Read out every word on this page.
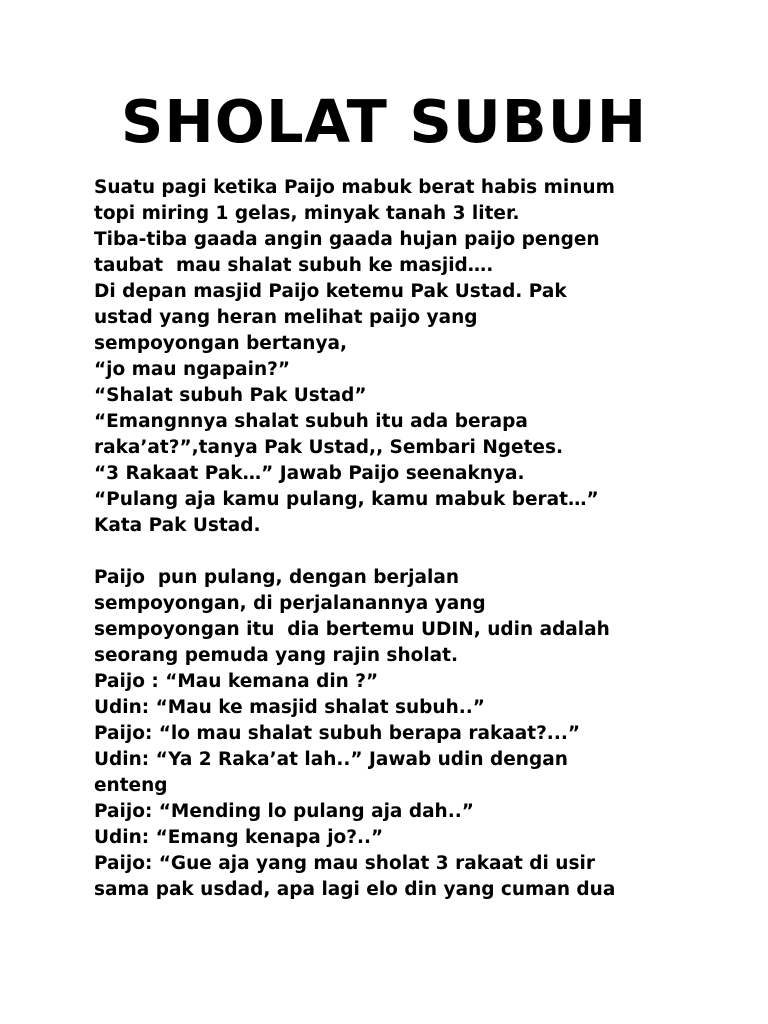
SHOLAT SUBUH
Suatu pagi ketika Paijo mabuk berat habis minum
topi miring 1 gelas, minyak tanah 3 liter.
Tiba-tiba gaada angin gaada hujan paijo pengen
taubat  mau shalat subuh ke masjid….
Di depan masjid Paijo ketemu Pak Ustad. Pak
ustad yang heran melihat paijo yang
sempoyongan bertanya,
“jo mau ngapain?”
“Shalat subuh Pak Ustad”
“Emangnnya shalat subuh itu ada berapa
raka’at?”,tanya Pak Ustad,, Sembari Ngetes.
“3 Rakaat Pak…” Jawab Paijo seenaknya.
“Pulang aja kamu pulang, kamu mabuk berat…”
Kata Pak Ustad.
Paijo  pun pulang, dengan berjalan
sempoyongan, di perjalanannya yang
sempoyongan itu  dia bertemu UDIN, udin adalah
seorang pemuda yang rajin sholat.
Paijo : “Mau kemana din ?”
Udin: “Mau ke masjid shalat subuh..”
Paijo: “lo mau shalat subuh berapa rakaat?...”
Udin: “Ya 2 Raka’at lah..” Jawab udin dengan
enteng
Paijo: “Mending lo pulang aja dah..”
Udin: “Emang kenapa jo?..”
Paijo: “Gue aja yang mau sholat 3 rakaat di usir
sama pak usdad, apa lagi elo din yang cuman dua
